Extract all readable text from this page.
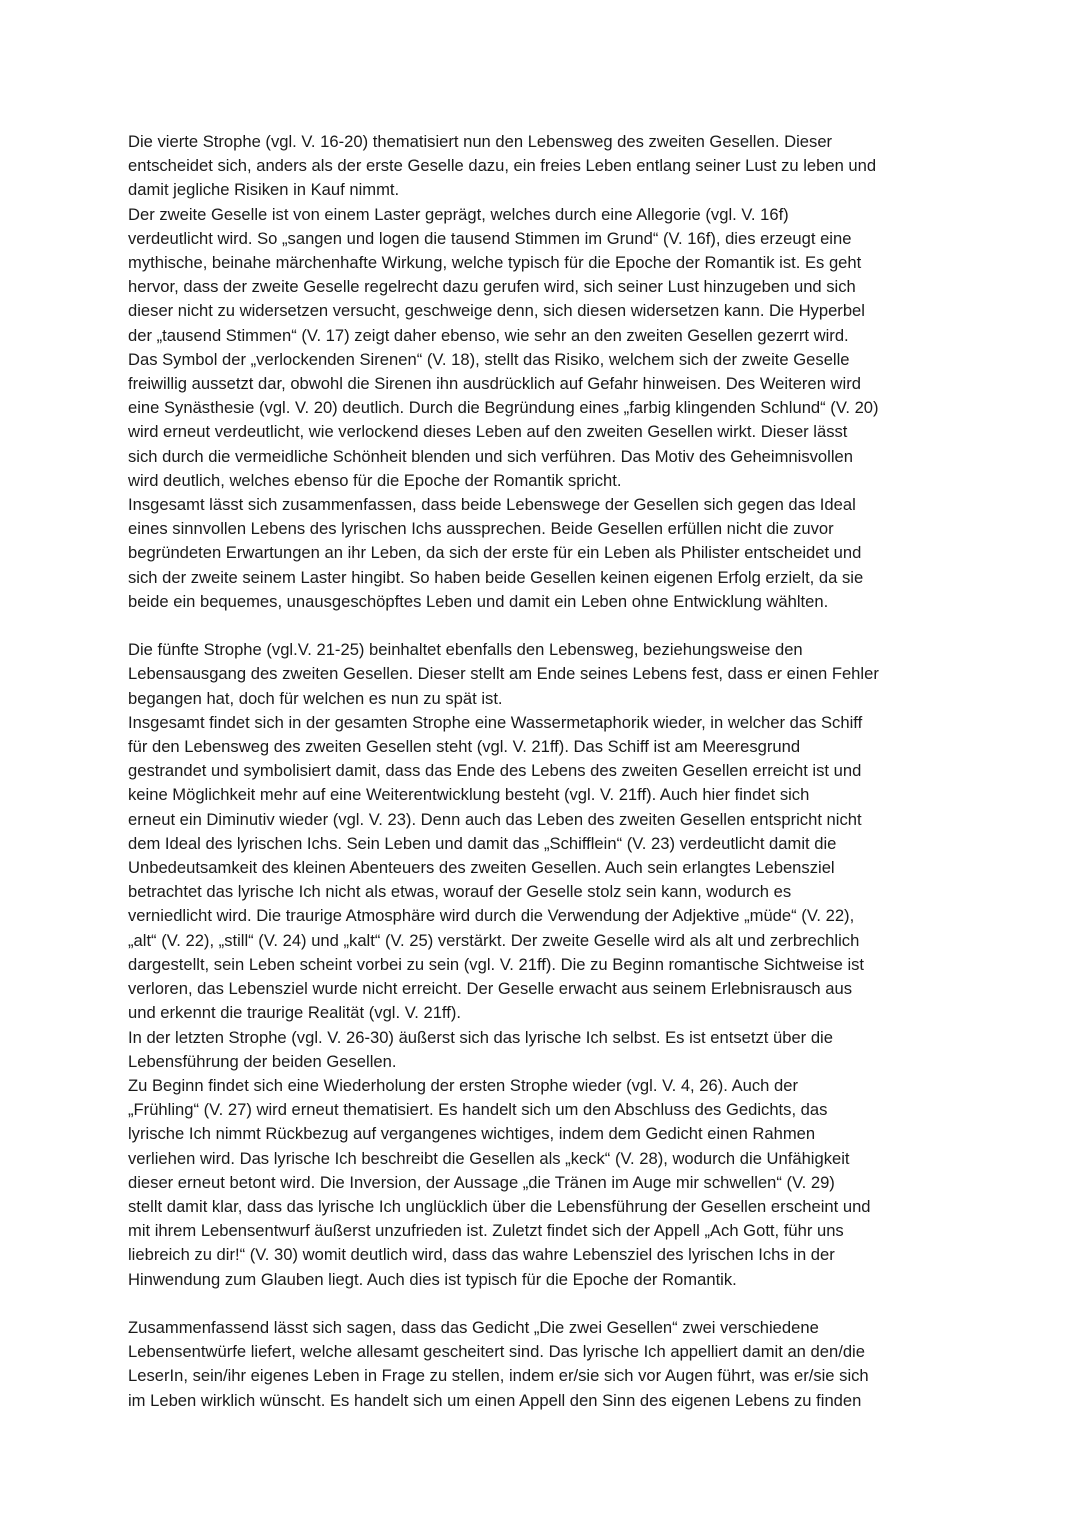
Die vierte Strophe (vgl. V. 16-20) thematisiert nun den Lebensweg des zweiten Gesellen. Dieser
entscheidet sich, anders als der erste Geselle dazu, ein freies Leben entlang seiner Lust zu leben und
damit jegliche Risiken in Kauf nimmt.
Der zweite Geselle ist von einem Laster geprägt, welches durch eine Allegorie (vgl. V. 16f)
verdeutlicht wird. So „sangen und logen die tausend Stimmen im Grund“ (V. 16f), dies erzeugt eine
mythische, beinahe märchenhafte Wirkung, welche typisch für die Epoche der Romantik ist. Es geht
hervor, dass der zweite Geselle regelrecht dazu gerufen wird, sich seiner Lust hinzugeben und sich
dieser nicht zu widersetzen versucht, geschweige denn, sich diesen widersetzen kann. Die Hyperbel
der „tausend Stimmen“ (V. 17) zeigt daher ebenso, wie sehr an den zweiten Gesellen gezerrt wird.
Das Symbol der „verlockenden Sirenen“ (V. 18), stellt das Risiko, welchem sich der zweite Geselle
freiwillig aussetzt dar, obwohl die Sirenen ihn ausdrücklich auf Gefahr hinweisen. Des Weiteren wird
eine Synästhesie (vgl. V. 20) deutlich. Durch die Begründung eines „farbig klingenden Schlund“ (V. 20)
wird erneut verdeutlicht, wie verlockend dieses Leben auf den zweiten Gesellen wirkt. Dieser lässt
sich durch die vermeidliche Schönheit blenden und sich verführen. Das Motiv des Geheimnisvollen
wird deutlich, welches ebenso für die Epoche der Romantik spricht.
Insgesamt lässt sich zusammenfassen, dass beide Lebenswege der Gesellen sich gegen das Ideal
eines sinnvollen Lebens des lyrischen Ichs aussprechen. Beide Gesellen erfüllen nicht die zuvor
begründeten Erwartungen an ihr Leben, da sich der erste für ein Leben als Philister entscheidet und
sich der zweite seinem Laster hingibt. So haben beide Gesellen keinen eigenen Erfolg erzielt, da sie
beide ein bequemes, unausgeschöpftes Leben und damit ein Leben ohne Entwicklung wählten.
Die fünfte Strophe (vgl.V. 21-25) beinhaltet ebenfalls den Lebensweg, beziehungsweise den
Lebensausgang des zweiten Gesellen. Dieser stellt am Ende seines Lebens fest, dass er einen Fehler
begangen hat, doch für welchen es nun zu spät ist.
Insgesamt findet sich in der gesamten Strophe eine Wassermetaphorik wieder, in welcher das Schiff
für den Lebensweg des zweiten Gesellen steht (vgl. V. 21ff). Das Schiff ist am Meeresgrund
gestrandet und symbolisiert damit, dass das Ende des Lebens des zweiten Gesellen erreicht ist und
keine Möglichkeit mehr auf eine Weiterentwicklung besteht (vgl. V. 21ff). Auch hier findet sich
erneut ein Diminutiv wieder (vgl. V. 23). Denn auch das Leben des zweiten Gesellen entspricht nicht
dem Ideal des lyrischen Ichs. Sein Leben und damit das „Schifflein“ (V. 23) verdeutlicht damit die
Unbedeutsamkeit des kleinen Abenteuers des zweiten Gesellen. Auch sein erlangtes Lebensziel
betrachtet das lyrische Ich nicht als etwas, worauf der Geselle stolz sein kann, wodurch es
verniedlicht wird. Die traurige Atmosphäre wird durch die Verwendung der Adjektive „müde“ (V. 22),
„alt“ (V. 22), „still“ (V. 24) und „kalt“ (V. 25) verstärkt. Der zweite Geselle wird als alt und zerbrechlich
dargestellt, sein Leben scheint vorbei zu sein (vgl. V. 21ff). Die zu Beginn romantische Sichtweise ist
verloren, das Lebensziel wurde nicht erreicht. Der Geselle erwacht aus seinem Erlebnisrausch aus
und erkennt die traurige Realität (vgl. V. 21ff).
In der letzten Strophe (vgl. V. 26-30) äußerst sich das lyrische Ich selbst. Es ist entsetzt über die
Lebensführung der beiden Gesellen.
Zu Beginn findet sich eine Wiederholung der ersten Strophe wieder (vgl. V. 4, 26). Auch der
„Frühling“ (V. 27) wird erneut thematisiert. Es handelt sich um den Abschluss des Gedichts, das
lyrische Ich nimmt Rückbezug auf vergangenes wichtiges, indem dem Gedicht einen Rahmen
verliehen wird. Das lyrische Ich beschreibt die Gesellen als „keck“ (V. 28), wodurch die Unfähigkeit
dieser erneut betont wird. Die Inversion, der Aussage „die Tränen im Auge mir schwellen“ (V. 29)
stellt damit klar, dass das lyrische Ich unglücklich über die Lebensführung der Gesellen erscheint und
mit ihrem Lebensentwurf äußerst unzufrieden ist. Zuletzt findet sich der Appell „Ach Gott, führ uns
liebreich zu dir!“ (V. 30) womit deutlich wird, dass das wahre Lebensziel des lyrischen Ichs in der
Hinwendung zum Glauben liegt. Auch dies ist typisch für die Epoche der Romantik.
Zusammenfassend lässt sich sagen, dass das Gedicht „Die zwei Gesellen“ zwei verschiedene
Lebensentwürfe liefert, welche allesamt gescheitert sind. Das lyrische Ich appelliert damit an den/die
LeserIn, sein/ihr eigenes Leben in Frage zu stellen, indem er/sie sich vor Augen führt, was er/sie sich
im Leben wirklich wünscht. Es handelt sich um einen Appell den Sinn des eigenen Lebens zu finden
